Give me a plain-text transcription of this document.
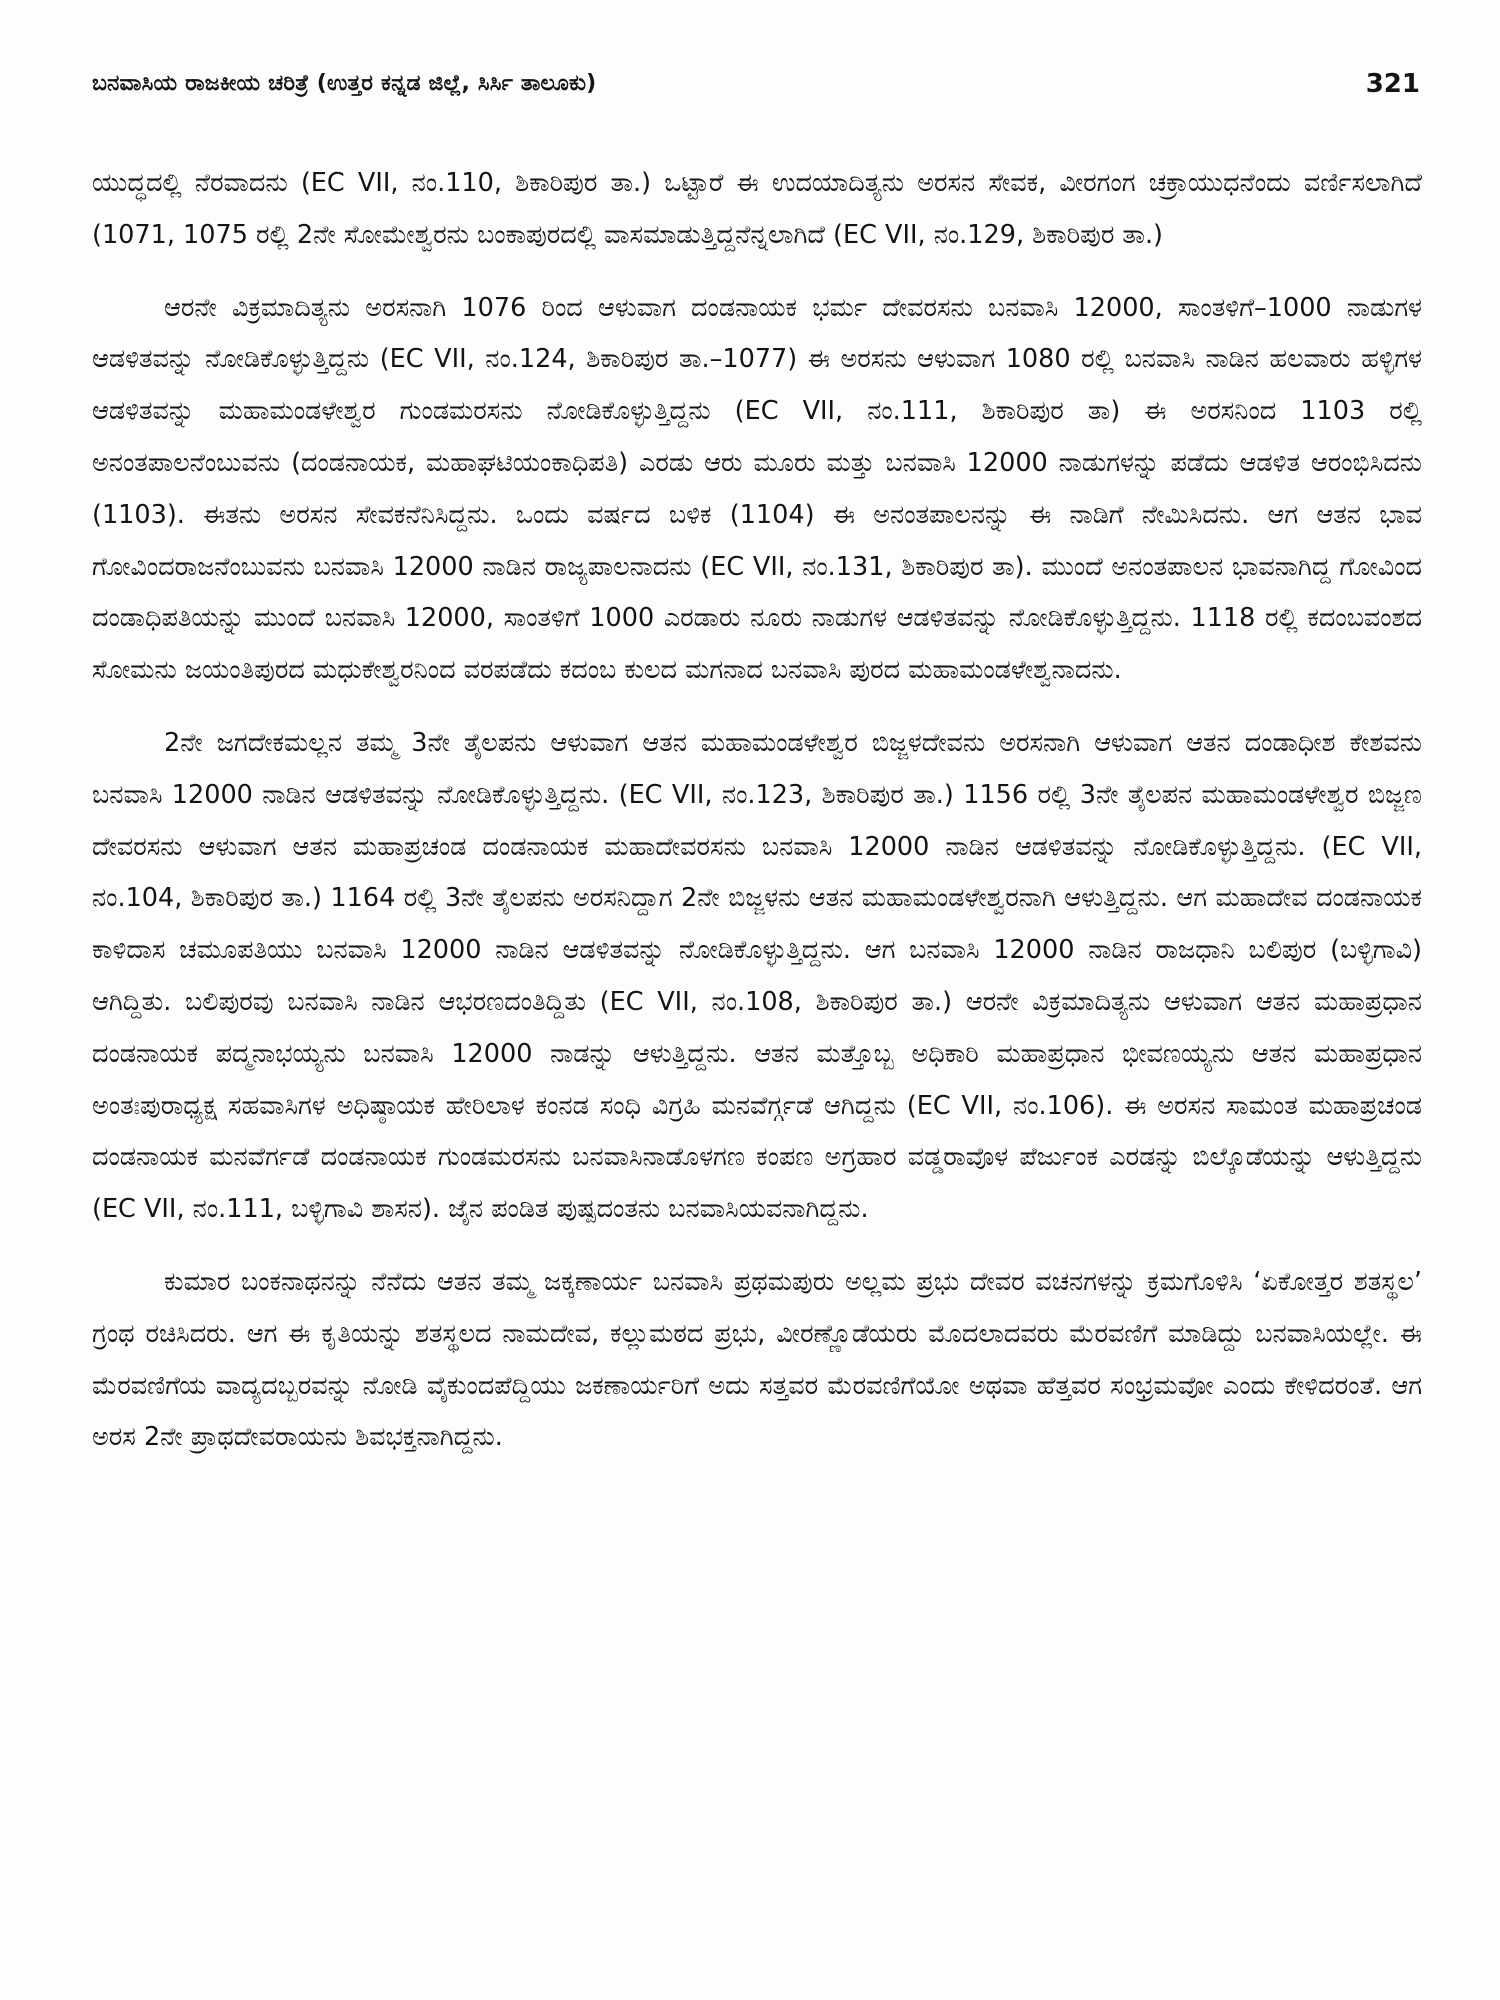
ಬನವಾಸಿಯ ರಾಜಕೀಯ ಚರಿತ್ರೆ (ಉತ್ತರ ಕನ್ನಡ ಜಿಲ್ಲೆ, ಸಿರ್ಸಿ ತಾಲೂಕು)	321

ಯುದ್ಧದಲ್ಲಿ ನೆರವಾದನು (EC VII, ನಂ.110, ಶಿಕಾರಿಪುರ ತಾ.) ಒಟ್ಟಾರೆ ಈ ಉದಯಾದಿತ್ಯನು ಅರಸನ ಸೇವಕ, ವೀರಗಂಗ ಚಕ್ರಾಯುಧನೆಂದು ವರ್ಣಿಸಲಾಗಿದೆ (1071, 1075 ರಲ್ಲಿ 2ನೇ ಸೋಮೇಶ್ವರನು ಬಂಕಾಪುರದಲ್ಲಿ ವಾಸಮಾಡುತ್ತಿದ್ದನೆನ್ನಲಾಗಿದೆ (EC VII, ನಂ.129, ಶಿಕಾರಿಪುರ ತಾ.)

ಆರನೇ ವಿಕ್ರಮಾದಿತ್ಯನು ಅರಸನಾಗಿ 1076 ರಿಂದ ಆಳುವಾಗ ದಂಡನಾಯಕ ಭರ್ಮ ದೇವರಸನು ಬನವಾಸಿ 12000, ಸಾಂತಳಿಗೆ–1000 ನಾಡುಗಳ ಆಡಳಿತವನ್ನು ನೋಡಿಕೊಳ್ಳುತ್ತಿದ್ದನು (EC VII, ನಂ.124, ಶಿಕಾರಿಪುರ ತಾ.–1077) ಈ ಅರಸನು ಆಳುವಾಗ 1080 ರಲ್ಲಿ ಬನವಾಸಿ ನಾಡಿನ ಹಲವಾರು ಹಳ್ಳಿಗಳ ಆಡಳಿತವನ್ನು ಮಹಾಮಂಡಳೇಶ್ವರ ಗುಂಡಮರಸನು ನೋಡಿಕೊಳ್ಳುತ್ತಿದ್ದನು (EC VII, ನಂ.111, ಶಿಕಾರಿಪುರ ತಾ) ಈ ಅರಸನಿಂದ 1103 ರಲ್ಲಿ ಅನಂತಪಾಲನೆಂಬುವನು (ದಂಡನಾಯಕ, ಮಹಾಘಟಿಯಂಕಾಧಿಪತಿ) ಎರಡು ಆರು ಮೂರು ಮತ್ತು ಬನವಾಸಿ 12000 ನಾಡುಗಳನ್ನು ಪಡೆದು ಆಡಳಿತ ಆರಂಭಿಸಿದನು (1103). ಈತನು ಅರಸನ ಸೇವಕನೆನಿಸಿದ್ದನು. ಒಂದು ವರ್ಷದ ಬಳಿಕ (1104) ಈ ಅನಂತಪಾಲನನ್ನು ಈ ನಾಡಿಗೆ ನೇಮಿಸಿದನು. ಆಗ ಆತನ ಭಾವ ಗೋವಿಂದರಾಜನೆಂಬುವನು ಬನವಾಸಿ 12000 ನಾಡಿನ ರಾಜ್ಯಪಾಲನಾದನು (EC VII, ನಂ.131, ಶಿಕಾರಿಪುರ ತಾ). ಮುಂದೆ ಅನಂತಪಾಲನ ಭಾವನಾಗಿದ್ದ ಗೋವಿಂದ ದಂಡಾಧಿಪತಿಯನ್ನು ಮುಂದೆ ಬನವಾಸಿ 12000, ಸಾಂತಳಿಗೆ 1000 ಎರಡಾರು ನೂರು ನಾಡುಗಳ ಆಡಳಿತವನ್ನು ನೋಡಿಕೊಳ್ಳುತ್ತಿದ್ದನು. 1118 ರಲ್ಲಿ ಕದಂಬವಂಶದ ಸೋಮನು ಜಯಂತಿಪುರದ ಮಧುಕೇಶ್ವರನಿಂದ ವರಪಡೆದು ಕದಂಬ ಕುಲದ ಮಗನಾದ ಬನವಾಸಿ ಪುರದ ಮಹಾಮಂಡಳೇಶ್ವನಾದನು.

2ನೇ ಜಗದೇಕಮಲ್ಲನ ತಮ್ಮ 3ನೇ ತೈಲಪನು ಆಳುವಾಗ ಆತನ ಮಹಾಮಂಡಳೇಶ್ವರ ಬಿಜ್ಜಳದೇವನು ಅರಸನಾಗಿ ಆಳುವಾಗ ಆತನ ದಂಡಾಧೀಶ ಕೇಶವನು ಬನವಾಸಿ 12000 ನಾಡಿನ ಆಡಳಿತವನ್ನು ನೋಡಿಕೊಳ್ಳುತ್ತಿದ್ದನು. (EC VII, ನಂ.123, ಶಿಕಾರಿಪುರ ತಾ.) 1156 ರಲ್ಲಿ 3ನೇ ತೈಲಪನ ಮಹಾಮಂಡಳೇಶ್ವರ ಬಿಜ್ಜಣ ದೇವರಸನು ಆಳುವಾಗ ಆತನ ಮಹಾಪ್ರಚಂಡ ದಂಡನಾಯಕ ಮಹಾದೇವರಸನು ಬನವಾಸಿ 12000 ನಾಡಿನ ಆಡಳಿತವನ್ನು ನೋಡಿಕೊಳ್ಳುತ್ತಿದ್ದನು. (EC VII, ನಂ.104, ಶಿಕಾರಿಪುರ ತಾ.) 1164 ರಲ್ಲಿ 3ನೇ ತೈಲಪನು ಅರಸನಿದ್ದಾಗ 2ನೇ ಬಿಜ್ಜಳನು ಆತನ ಮಹಾಮಂಡಳೇಶ್ವರನಾಗಿ ಆಳುತ್ತಿದ್ದನು. ಆಗ ಮಹಾದೇವ ದಂಡನಾಯಕ ಕಾಳಿದಾಸ ಚಮೂಪತಿಯು ಬನವಾಸಿ 12000 ನಾಡಿನ ಆಡಳಿತವನ್ನು ನೋಡಿಕೊಳ್ಳುತ್ತಿದ್ದನು. ಆಗ ಬನವಾಸಿ 12000 ನಾಡಿನ ರಾಜಧಾನಿ ಬಲಿಪುರ (ಬಳ್ಳಿಗಾವಿ) ಆಗಿದ್ದಿತು. ಬಲಿಪುರವು ಬನವಾಸಿ ನಾಡಿನ ಆಭರಣದಂತಿದ್ದಿತು (EC VII, ನಂ.108, ಶಿಕಾರಿಪುರ ತಾ.) ಆರನೇ ವಿಕ್ರಮಾದಿತ್ಯನು ಆಳುವಾಗ ಆತನ ಮಹಾಪ್ರಧಾನ ದಂಡನಾಯಕ ಪದ್ಮನಾಭಯ್ಯನು ಬನವಾಸಿ 12000 ನಾಡನ್ನು ಆಳುತ್ತಿದ್ದನು. ಆತನ ಮತ್ತೊಬ್ಬ ಅಧಿಕಾರಿ ಮಹಾಪ್ರಧಾನ ಭೀವಣಯ್ಯನು ಆತನ ಮಹಾಪ್ರಧಾನ ಅಂತಃಪುರಾಧ್ಯಕ್ಷ ಸಹವಾಸಿಗಳ ಅಧಿಷ್ಠಾಯಕ ಹೇರಿಲಾಳ ಕಂನಡ ಸಂಧಿ ವಿಗ್ರಹಿ ಮನವೆರ್ಗ್ಗಡೆ ಆಗಿದ್ದನು (EC VII, ನಂ.106). ಈ ಅರಸನ ಸಾಮಂತ ಮಹಾಪ್ರಚಂಡ ದಂಡನಾಯಕ ಮನವೆರ್ಗಡೆ ದಂಡನಾಯಕ ಗುಂಡಮರಸನು ಬನವಾಸಿನಾಡೊಳಗಣ ಕಂಪಣ ಅಗ್ರಹಾರ ವಡ್ಡರಾವೊಳ ಪೆರ್ಜುಂಕ ಎರಡನ್ನು ಬಿಲ್ಕೊಡೆಯನ್ನು ಆಳುತ್ತಿದ್ದನು (EC VII, ನಂ.111, ಬಳ್ಳಿಗಾವಿ ಶಾಸನ). ಜೈನ ಪಂಡಿತ ಪುಷ್ಪದಂತನು ಬನವಾಸಿಯವನಾಗಿದ್ದನು.

ಕುಮಾರ ಬಂಕನಾಥನನ್ನು ನೆನೆದು ಆತನ ತಮ್ಮ ಜಕ್ಕಣಾರ್ಯ ಬನವಾಸಿ ಪ್ರಥಮಪುರು ಅಲ್ಲಮ ಪ್ರಭು ದೇವರ ವಚನಗಳನ್ನು ಕ್ರಮಗೊಳಿಸಿ ‘ಏಕೋತ್ತರ ಶತಸ್ಥಲ’ ಗ್ರಂಥ ರಚಿಸಿದರು. ಆಗ ಈ ಕೃತಿಯನ್ನು ಶತಸ್ಥಲದ ನಾಮದೇವ, ಕಲ್ಲುಮಠದ ಪ್ರಭು, ವೀರಣ್ಣೊಡೆಯರು ಮೊದಲಾದವರು ಮೆರವಣಿಗೆ ಮಾಡಿದ್ದು ಬನವಾಸಿಯಲ್ಲೇ. ಈ ಮೆರವಣಿಗೆಯ ವಾದ್ಯದಬ್ಬರವನ್ನು ನೋಡಿ ವೈಕುಂದಪೆದ್ದಿಯು ಜಕಣಾರ್ಯರಿಗೆ ಅದು ಸತ್ತವರ ಮೆರವಣಿಗೆಯೋ ಅಥವಾ ಹೆತ್ತವರ ಸಂಭ್ರಮವೋ ಎಂದು ಕೇಳಿದರಂತೆ. ಆಗ ಅರಸ 2ನೇ ಪ್ರಾಥದೇವರಾಯನು ಶಿವಭಕ್ತನಾಗಿದ್ದನು.
